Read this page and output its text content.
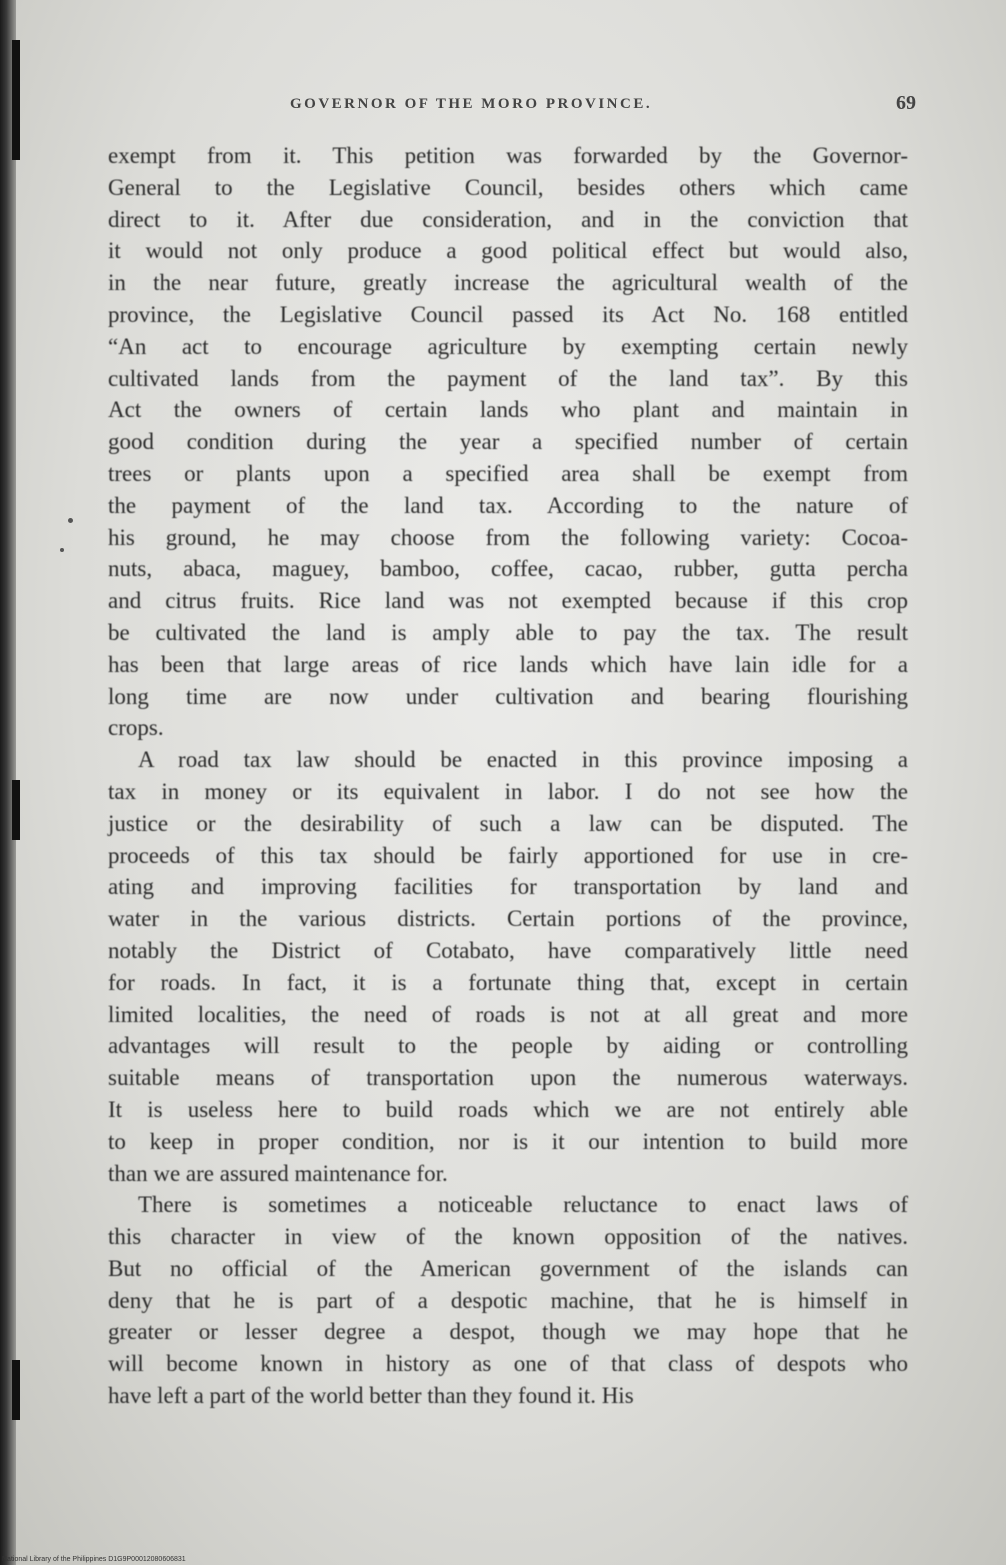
GOVERNOR OF THE MORO PROVINCE.	69

exempt from it. This petition was forwarded by the Governor-
General to the Legislative Council, besides others which came
direct to it. After due consideration, and in the conviction that
it would not only produce a good political effect but would also,
in the near future, greatly increase the agricultural wealth of the
province, the Legislative Council passed its Act No. 168 entitled
“An act to encourage agriculture by exempting certain newly
cultivated lands from the payment of the land tax”. By this
Act the owners of certain lands who plant and maintain in
good condition during the year a specified number of certain
trees or plants upon a specified area shall be exempt from
the payment of the land tax. According to the nature of
his ground, he may choose from the following variety: Cocoa-
nuts, abaca, maguey, bamboo, coffee, cacao, rubber, gutta percha
and citrus fruits. Rice land was not exempted because if this crop
be cultivated the land is amply able to pay the tax. The result
has been that large areas of rice lands which have lain idle for a
long time are now under cultivation and bearing flourishing
crops.

A road tax law should be enacted in this province imposing a
tax in money or its equivalent in labor. I do not see how the
justice or the desirability of such a law can be disputed. The
proceeds of this tax should be fairly apportioned for use in cre-
ating and improving facilities for transportation by land and
water in the various districts. Certain portions of the province,
notably the District of Cotabato, have comparatively little need
for roads. In fact, it is a fortunate thing that, except in certain
limited localities, the need of roads is not at all great and more
advantages will result to the people by aiding or controlling
suitable means of transportation upon the numerous waterways.
It is useless here to build roads which we are not entirely able
to keep in proper condition, nor is it our intention to build more
than we are assured maintenance for.

There is sometimes a noticeable reluctance to enact laws of
this character in view of the known opposition of the natives.
But no official of the American government of the islands can
deny that he is part of a despotic machine, that he is himself in
greater or lesser degree a despot, though we may hope that he
will become known in history as one of that class of despots who
have left a part of the world better than they found it. His

National Library of the Philippines D1G9P00012080606831
